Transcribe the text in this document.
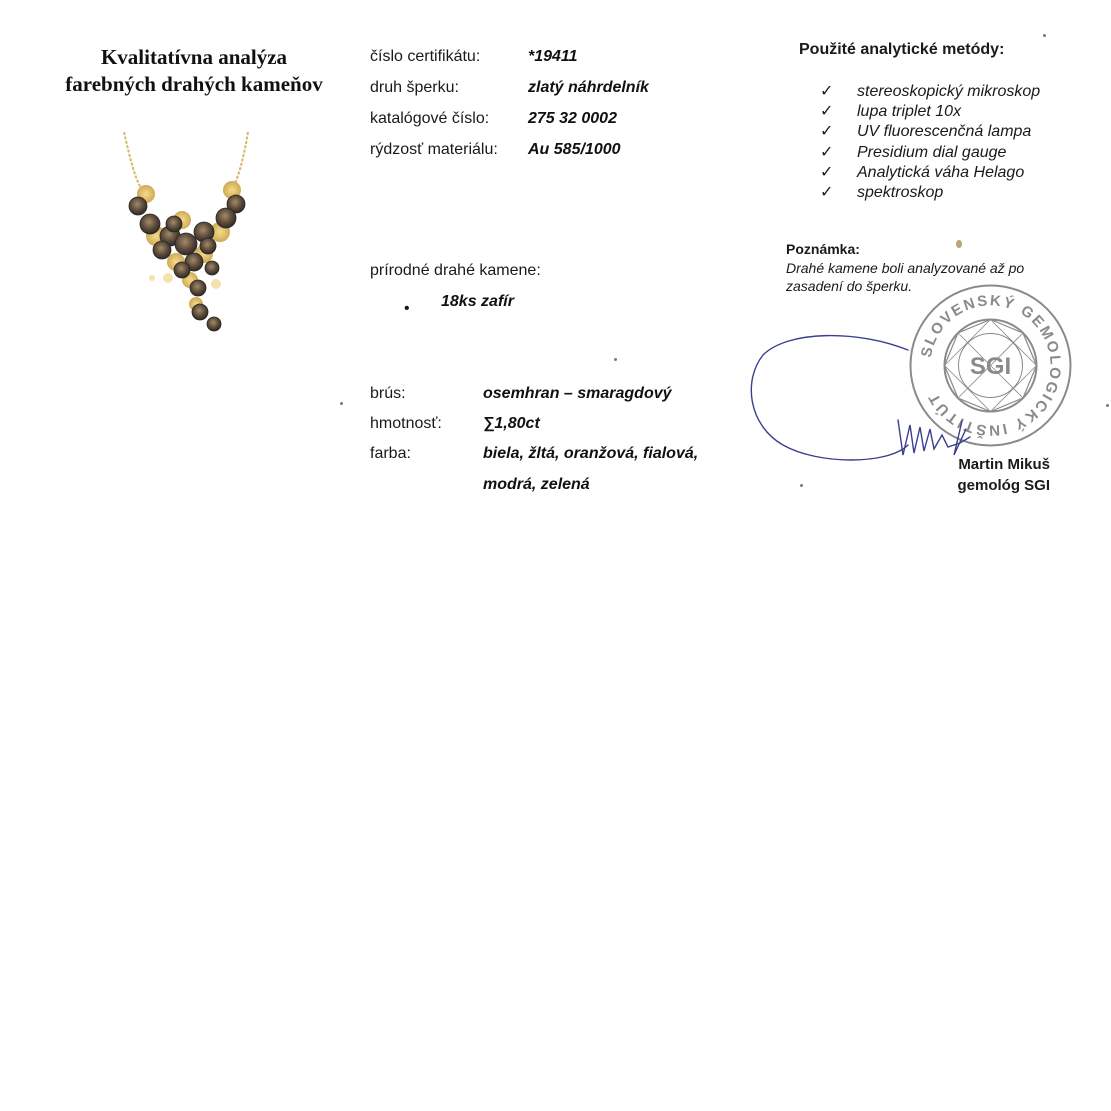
Kvalitatívna analýza
farebných drahých kameňov
číslo certifikátu:	*19411
druh šperku:	zlatý náhrdelník
katalógové číslo: 275 32 0002
rýdzosť materiálu: Au 585/1000
prírodné drahé kamene:
• 18ks zafír
brús:	osemhran – smaragdový
hmotnosť:	∑1,80ct
farba:	biela, žltá, oranžová, fialová,
modrá, zelená
Použité analytické metódy:
✓ stereoskopický mikroskop
✓ lupa triplet 10x
✓ UV fluorescenčná lampa
✓ Presidium dial gauge
✓ Analytická váha Helago
✓ spektroskop
Poznámka:
Drahé kamene boli analyzované až po zasadení do šperku.
SLOVENSKÝ GEMOLOGICKÝ INŠTITÚT
SGI
Martin Mikuš
gemológ SGI
